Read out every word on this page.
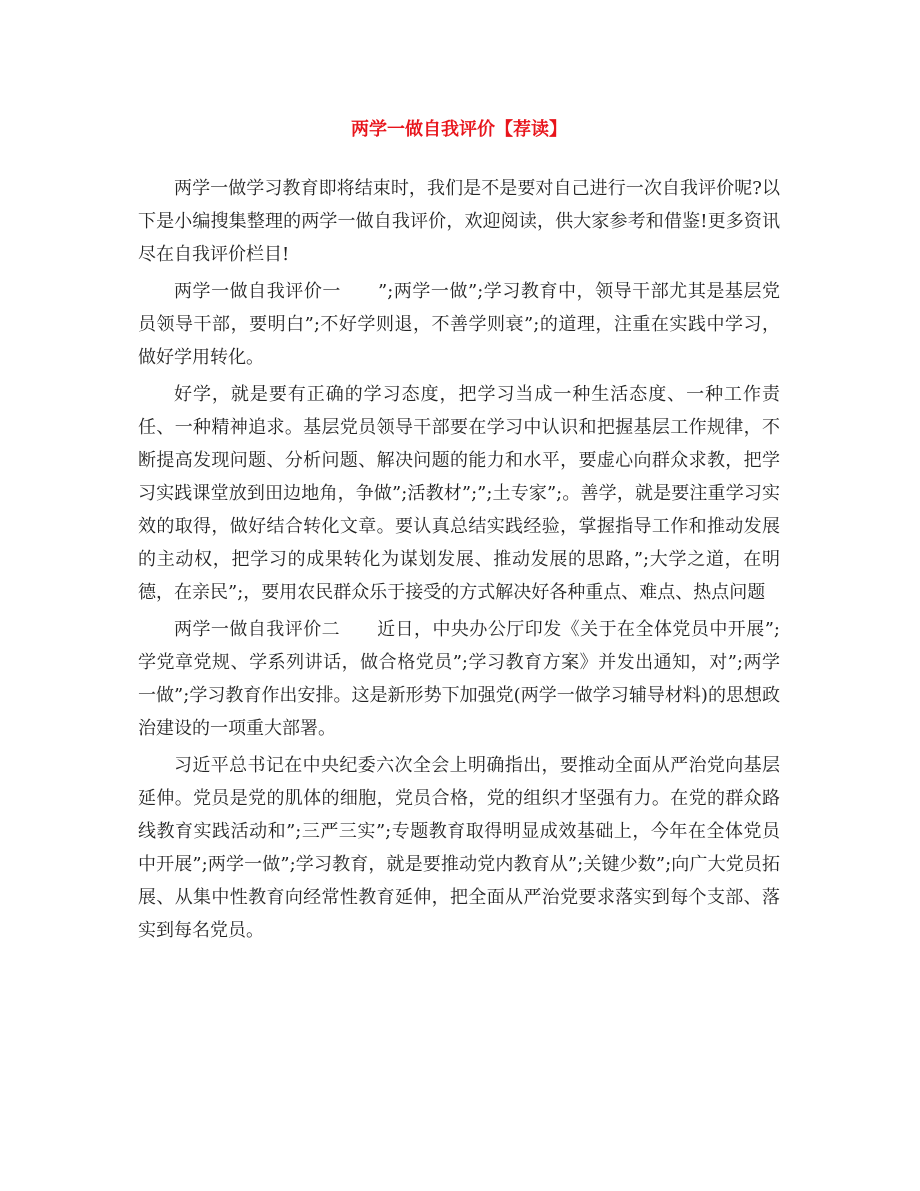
两学一做自我评价【荐读】

两学一做学习教育即将结束时，我们是不是要对自己进行一次自我评价呢?以下是小编搜集整理的两学一做自我评价，欢迎阅读，供大家参考和借鉴!更多资讯尽在自我评价栏目!

两学一做自我评价一　　”;两学一做”;学习教育中，领导干部尤其是基层党员领导干部，要明白”;不好学则退，不善学则衰”;的道理，注重在实践中学习，做好学用转化。

好学，就是要有正确的学习态度，把学习当成一种生活态度、一种工作责任、一种精神追求。基层党员领导干部要在学习中认识和把握基层工作规律，不断提高发现问题、分析问题、解决问题的能力和水平，要虚心向群众求教，把学习实践课堂放到田边地角，争做”;活教材”;”;土专家”;。善学，就是要注重学习实效的取得，做好结合转化文章。要认真总结实践经验，掌握指导工作和推动发展的主动权，把学习的成果转化为谋划发展、推动发展的思路，”;大学之道，在明德，在亲民”;，要用农民群众乐于接受的方式解决好各种重点、难点、热点问题

两学一做自我评价二　　近日，中央办公厅印发《关于在全体党员中开展”;学党章党规、学系列讲话，做合格党员”;学习教育方案》并发出通知，对”;两学一做”;学习教育作出安排。这是新形势下加强党(两学一做学习辅导材料)的思想政治建设的一项重大部署。

习近平总书记在中央纪委六次全会上明确指出，要推动全面从严治党向基层延伸。党员是党的肌体的细胞，党员合格，党的组织才坚强有力。在党的群众路线教育实践活动和”;三严三实”;专题教育取得明显成效基础上，今年在全体党员中开展”;两学一做”;学习教育，就是要推动党内教育从”;关键少数”;向广大党员拓展、从集中性教育向经常性教育延伸，把全面从严治党要求落实到每个支部、落实到每名党员。
